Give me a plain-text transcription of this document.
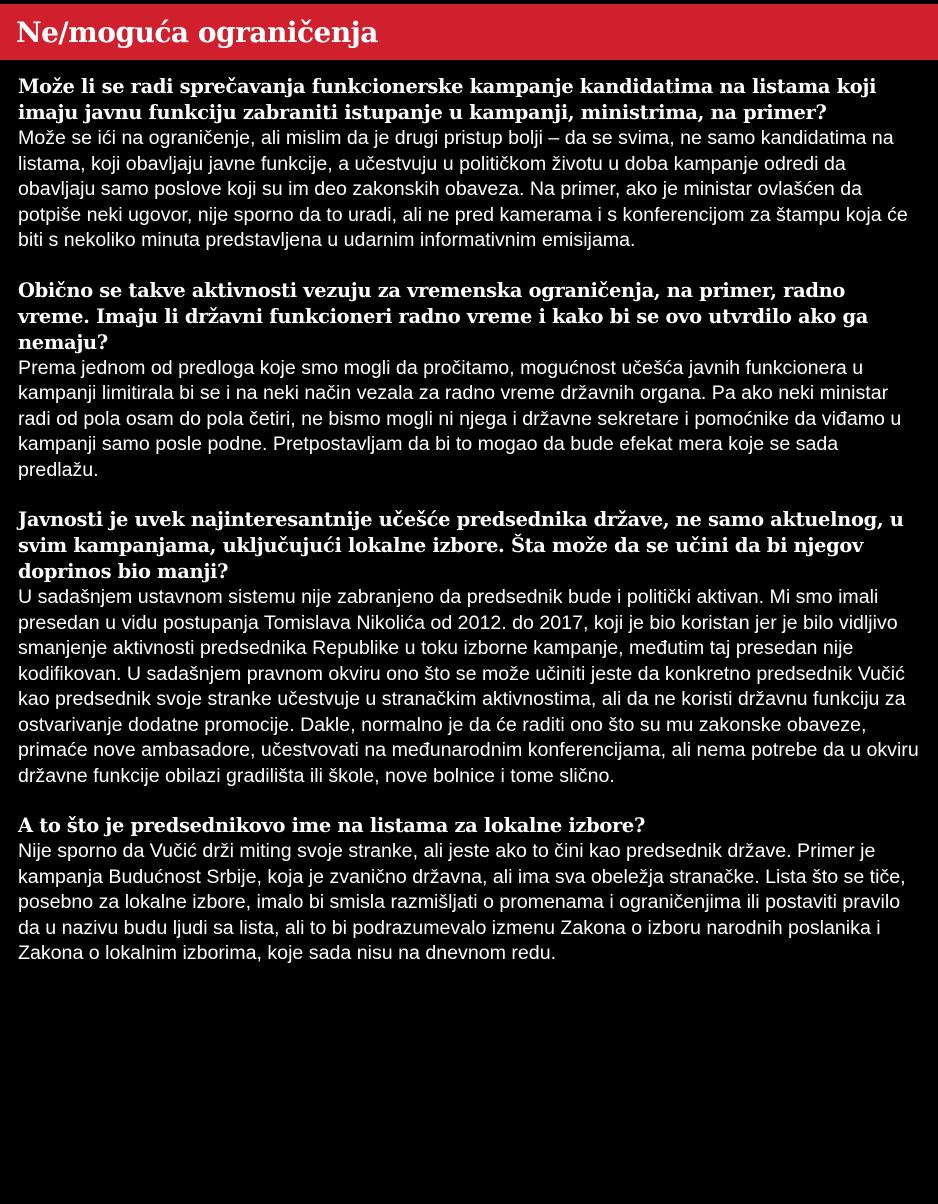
Ne/moguća ograničenja

Može li se radi sprečavanja funkcionerske kampanje kandidatima na listama koji imaju javnu funkciju zabraniti istupanje u kampanji, ministrima, na primer?

Može se ići na ograničenje, ali mislim da je drugi pristup bolji – da se svima, ne samo kandidatima na listama, koji obavljaju javne funkcije, a učestvuju u političkom životu u doba kampanje odredi da obavljaju samo poslove koji su im deo zakonskih obaveza. Na primer, ako je ministar ovlašćen da potpiše neki ugovor, nije sporno da to uradi, ali ne pred kamerama i s konferencijom za štampu koja će biti s nekoliko minuta predstavljena u udarnim informativnim emisijama.

Obično se takve aktivnosti vezuju za vremenska ograničenja, na primer, radno vreme. Imaju li državni funkcioneri radno vreme i kako bi se ovo utvrdilo ako ga nemaju?

Prema jednom od predloga koje smo mogli da pročitamo, mogućnost učešća javnih funkcionera u kampanji limitirala bi se i na neki način vezala za radno vreme državnih organa. Pa ako neki ministar radi od pola osam do pola četiri, ne bismo mogli ni njega i državne sekretare i pomoćnike da viđamo u kampanji samo posle podne. Pretpostavljam da bi to mogao da bude efekat mera koje se sada predlažu.

Javnosti je uvek najinteresantnije učešće predsednika države, ne samo aktuelnog, u svim kampanjama, uključujući lokalne izbore. Šta može da se učini da bi njegov doprinos bio manji?

U sadašnjem ustavnom sistemu nije zabranjeno da predsednik bude i politički aktivan. Mi smo imali presedan u vidu postupanja Tomislava Nikolića od 2012. do 2017, koji je bio koristan jer je bilo vidljivo smanjenje aktivnosti predsednika Republike u toku izborne kampanje, međutim taj presedan nije kodifikovan. U sadašnjem pravnom okviru ono što se može učiniti jeste da konkretno predsednik Vučić kao predsednik svoje stranke učestvuje u stranačkim aktivnostima, ali da ne koristi državnu funkciju za ostvarivanje dodatne promocije. Dakle, normalno je da će raditi ono što su mu zakonske obaveze, primaće nove ambasadore, učestvovati na međunarodnim konferencijama, ali nema potrebe da u okviru državne funkcije obilazi gradilišta ili škole, nove bolnice i tome slično.

A to što je predsednikovo ime na listama za lokalne izbore?

Nije sporno da Vučić drži miting svoje stranke, ali jeste ako to čini kao predsednik države. Primer je kampanja Budućnost Srbije, koja je zvanično državna, ali ima sva obeležja stranačke. Lista što se tiče, posebno za lokalne izbore, imalo bi smisla razmišljati o promenama i ograničenjima ili postaviti pravilo da u nazivu budu ljudi sa lista, ali to bi podrazumevalo izmenu Zakona o izboru narodnih poslanika i Zakona o lokalnim izborima, koje sada nisu na dnevnom redu.
